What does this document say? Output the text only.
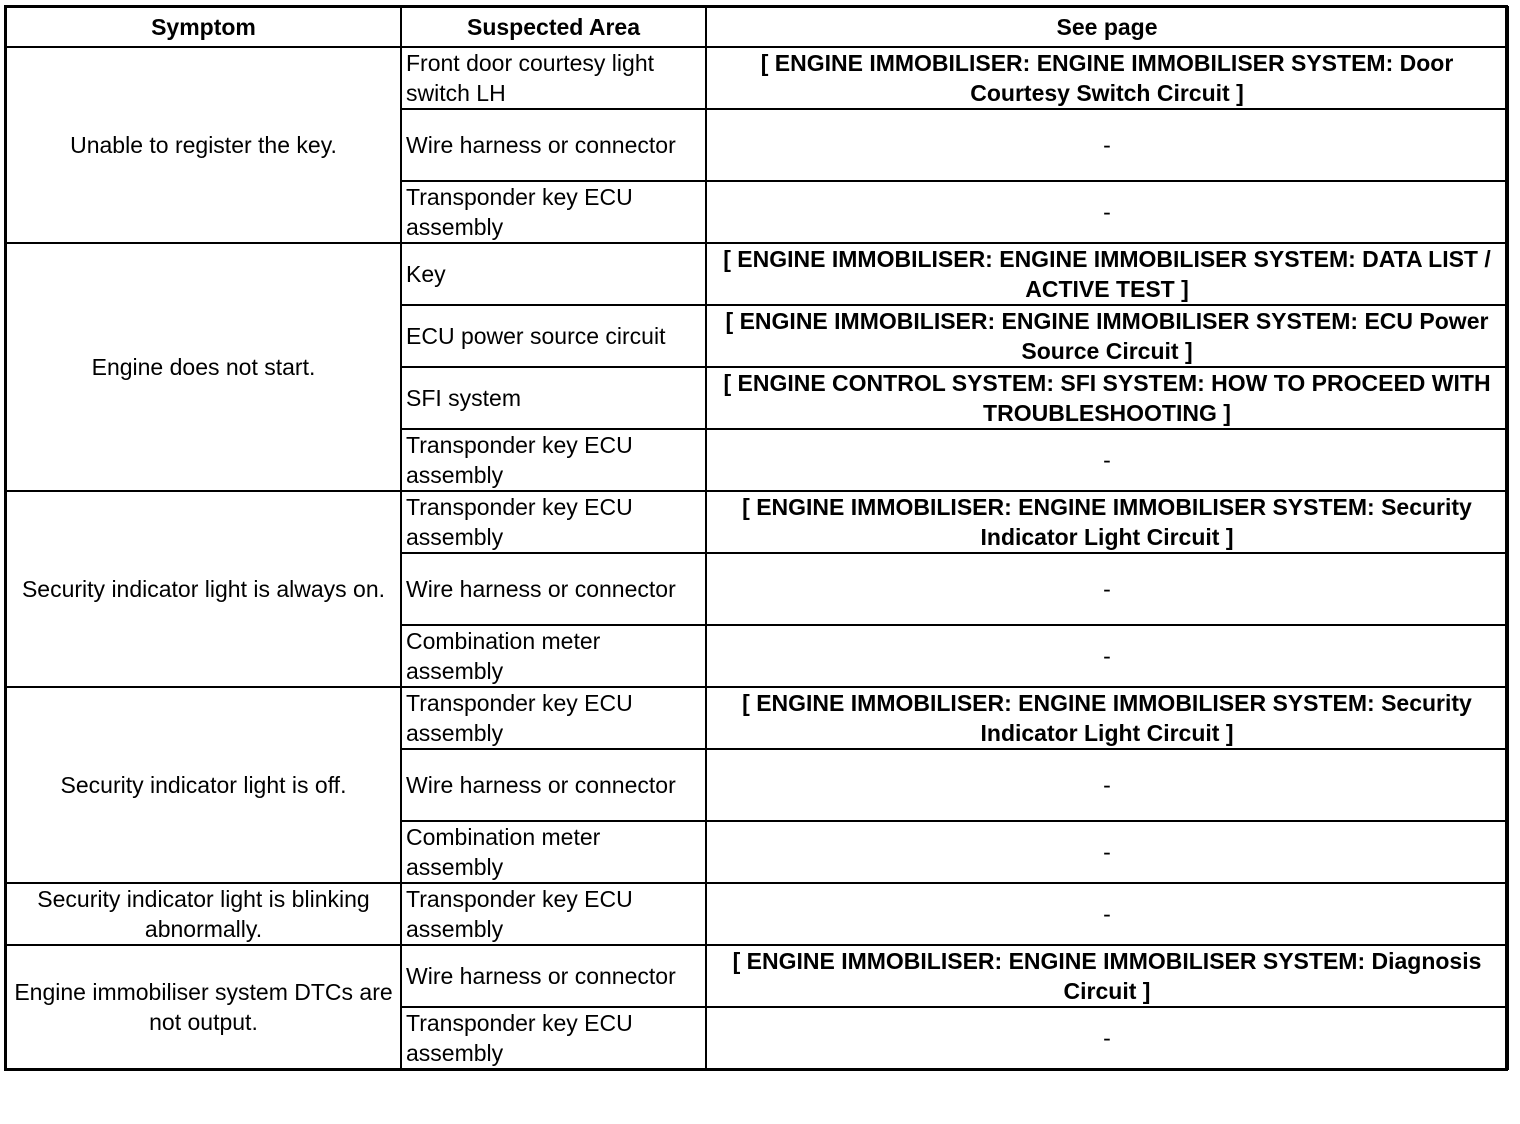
Symptom	Suspected Area	See page
Unable to register the key.	Front door courtesy light switch LH	[ ENGINE IMMOBILISER: ENGINE IMMOBILISER SYSTEM: Door Courtesy Switch Circuit ]
	Wire harness or connector	-
	Transponder key ECU assembly	-
Engine does not start.	Key	[ ENGINE IMMOBILISER: ENGINE IMMOBILISER SYSTEM: DATA LIST / ACTIVE TEST ]
	ECU power source circuit	[ ENGINE IMMOBILISER: ENGINE IMMOBILISER SYSTEM: ECU Power Source Circuit ]
	SFI system	[ ENGINE CONTROL SYSTEM: SFI SYSTEM: HOW TO PROCEED WITH TROUBLESHOOTING ]
	Transponder key ECU assembly	-
Security indicator light is always on.	Transponder key ECU assembly	[ ENGINE IMMOBILISER: ENGINE IMMOBILISER SYSTEM: Security Indicator Light Circuit ]
	Wire harness or connector	-
	Combination meter assembly	-
Security indicator light is off.	Transponder key ECU assembly	[ ENGINE IMMOBILISER: ENGINE IMMOBILISER SYSTEM: Security Indicator Light Circuit ]
	Wire harness or connector	-
	Combination meter assembly	-
Security indicator light is blinking abnormally.	Transponder key ECU assembly	-
Engine immobiliser system DTCs are not output.	Wire harness or connector	[ ENGINE IMMOBILISER: ENGINE IMMOBILISER SYSTEM: Diagnosis Circuit ]
	Transponder key ECU assembly	-
